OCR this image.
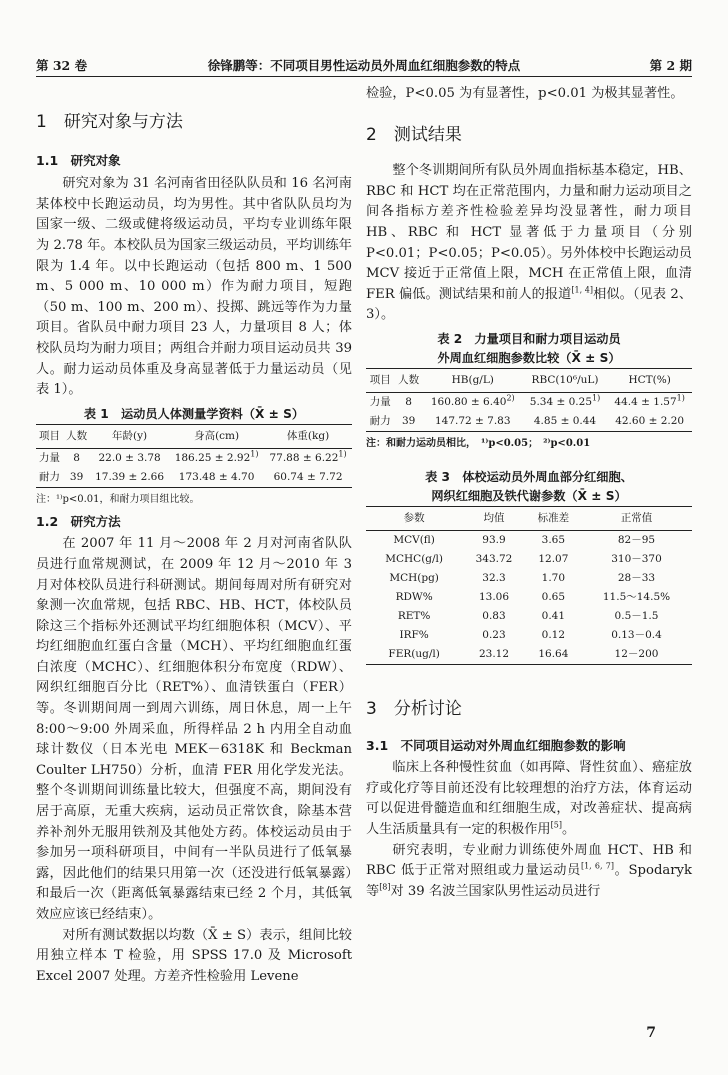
第 32 卷	徐锋鹏等：不同项目男性运动员外周血红细胞参数的特点	第 2 期
1　研究对象与方法
1.1　研究对象

研究对象为 31 名河南省田径队队员和 16 名河南某体校中长跑运动员，均为男性。其中省队队员均为国家一级、二级或健将级运动员，平均专业训练年限为 2.78 年。本校队员为国家三级运动员，平均训练年限为 1.4 年。以中长跑运动（包括 800 m、1 500 m、5 000 m、10 000 m）作为耐力项目，短跑（50 m、100 m、200 m）、投掷、跳远等作为力量项目。省队员中耐力项目 23 人，力量项目 8 人；体校队员均为耐力项目；两组合并耐力项目运动员共 39 人。耐力运动员体重及身高显著低于力量运动员（见表 1）。

表 1　运动员人体测量学资料（X̄ ± S）
项目	人数	年龄(y)	身高(cm)	体重(kg)
力量	8	22.0 ± 3.78	$186.25 \pm 2.92^{1)}$	$77.88 \pm 6.22^{1)}$
耐力	39	17.39 ± 2.66	173.48 ± 4.70	60.74 ± 7.72
注：¹⁾p<0.01，和耐力项目组比较。
1.2　研究方法

在 2007 年 11 月～2008 年 2 月对河南省队队员进行血常规测试，在 2009 年 12 月～2010 年 3 月对体校队员进行科研测试。期间每周对所有研究对象测一次血常规，包括 RBC、HB、HCT，体校队员除这三个指标外还测试平均红细胞体积（MCV）、平均红细胞血红蛋白含量（MCH）、平均红细胞血红蛋白浓度（MCHC）、红细胞体积分布宽度（RDW）、网织红细胞百分比（RET%）、血清铁蛋白（FER）等。冬训期间周一到周六训练，周日休息，周一上午 8:00～9:00 外周采血，所得样品 2 h 内用全自动血球计数仪（日本光电 MEK－6318K 和 Beckman Coulter LH750）分析，血清 FER 用化学发光法。整个冬训期间训练量比较大，但强度不高，期间没有居于高原，无重大疾病，运动员正常饮食，除基本营养补剂外无服用铁剂及其他处方药。体校运动员由于参加另一项科研项目，中间有一半队员进行了低氧暴露，因此他们的结果只用第一次（还没进行低氧暴露）和最后一次（距离低氧暴露结束已经 2 个月，其低氧效应应该已经结束）。

对所有测试数据以均数（X̄ ± S）表示，组间比较用独立样本 T 检验，用 SPSS 17.0 及 Microsoft Excel 2007 处理。方差齐性检验用 Levene

检验，P<0.05 为有显著性，p<0.01 为极其显著性。

2　测试结果

整个冬训期间所有队员外周血指标基本稳定，HB、RBC 和 HCT 均在正常范围内，力量和耐力运动项目之间各指标方差齐性检验差异均没显著性，耐力项目 HB、RBC 和 HCT 显著低于力量项目（分别 P<0.01；P<0.05；P<0.05）。另外体校中长跑运动员 MCV 接近于正常值上限，MCH 在正常值上限，血清 FER 偏低。测试结果和前人的报道[1, 4]相似。（见表 2、3）。

表 2　力量项目和耐力项目运动员
外周血红细胞参数比较（X̄ ± S）
项目	人数	HB(g/L)	RBC(10⁶/uL)	HCT(%)
力量	8	$160.80 \pm 6.40^{2)}$	$5.34 \pm 0.25^{1)}$	$44.4 \pm 1.57^{1)}$
耐力	39	147.72 ± 7.83	4.85 ± 0.44	42.60 ± 2.20
注：和耐力运动员相比，　¹⁾p<0.05；　²⁾p<0.01
表 3　体校运动员外周血部分红细胞、
网织红细胞及铁代谢参数（X̄ ± S）
参数	均值	标准差	正常值
MCV(fl)	93.9	3.65	82－95
MCHC(g/l)	343.72	12.07	310－370
MCH(pg)	32.3	1.70	28－33
RDW%	13.06	0.65	11.5～14.5%
RET%	0.83	0.41	0.5－1.5
IRF%	0.23	0.12	0.13－0.4
FER(ug/l)	23.12	16.64	12－200
3　分析讨论
3.1　不同项目运动对外周血红细胞参数的影响

临床上各种慢性贫血（如再障、肾性贫血）、癌症放疗或化疗等目前还没有比较理想的治疗方法，体育运动可以促进骨髓造血和红细胞生成，对改善症状、提高病人生活质量具有一定的积极作用[5]。

研究表明，专业耐力训练使外周血 HCT、HB 和 RBC 低于正常对照组或力量运动员[1, 6, 7]。Spodaryk 等[8]对 39 名波兰国家队男性运动员进行

7
